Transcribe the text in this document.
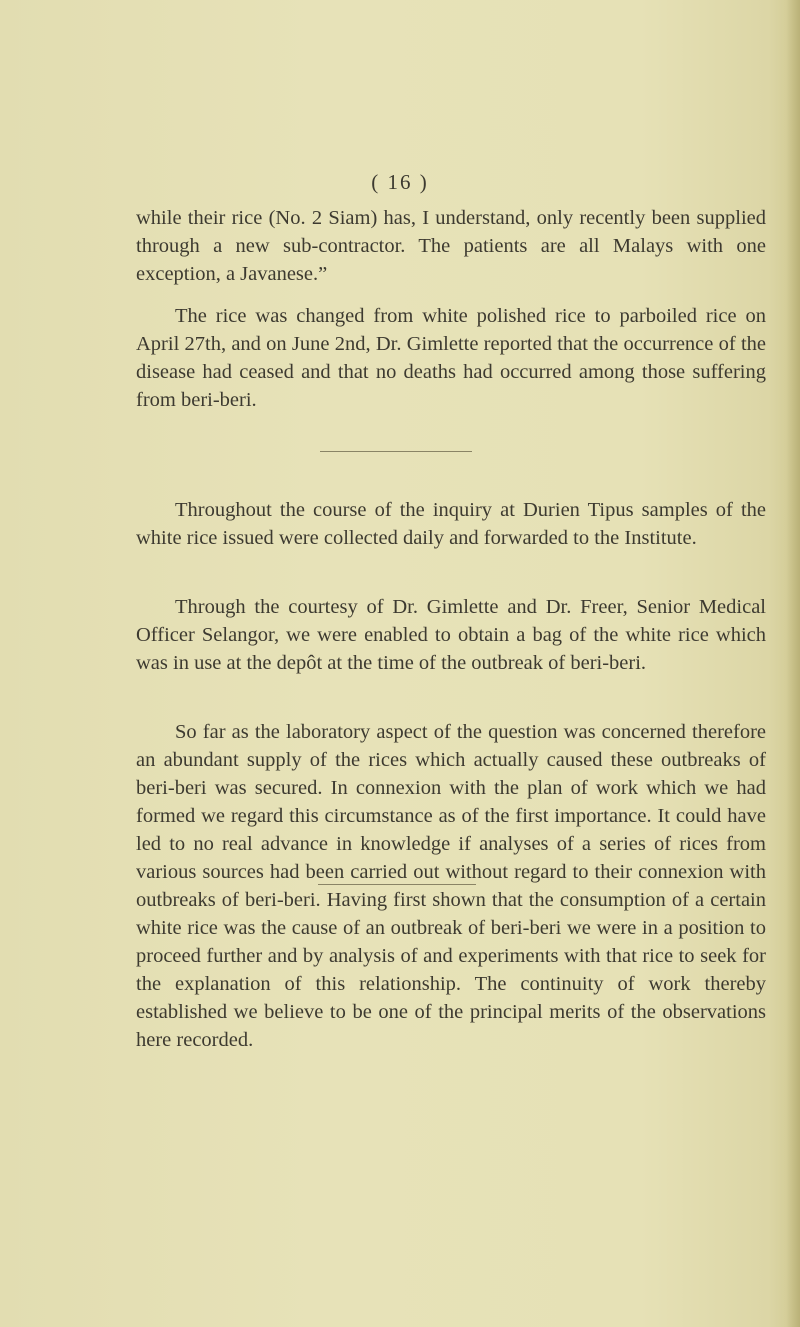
( 16 )

while their rice (No. 2 Siam) has, I understand, only recently been supplied through a new sub-contractor. The patients are all Malays with one exception, a Javanese.”

The rice was changed from white polished rice to parboiled rice on April 27th, and on June 2nd, Dr. Gimlette reported that the occurrence of the disease had ceased and that no deaths had occurred among those suffering from beri-beri.

Throughout the course of the inquiry at Durien Tipus samples of the white rice issued were collected daily and forwarded to the Institute.

Through the courtesy of Dr. Gimlette and Dr. Freer, Senior Medical Officer Selangor, we were enabled to obtain a bag of the white rice which was in use at the depôt at the time of the outbreak of beri-beri.

So far as the laboratory aspect of the question was concerned therefore an abundant supply of the rices which actually caused these outbreaks of beri-beri was secured. In connexion with the plan of work which we had formed we regard this circumstance as of the first importance. It could have led to no real advance in knowledge if analyses of a series of rices from various sources had been carried out without regard to their connexion with outbreaks of beri-beri. Having first shown that the consumption of a certain white rice was the cause of an outbreak of beri-beri we were in a position to proceed further and by analysis of and experiments with that rice to seek for the explanation of this relationship. The continuity of work thereby established we believe to be one of the principal merits of the observations here recorded.
